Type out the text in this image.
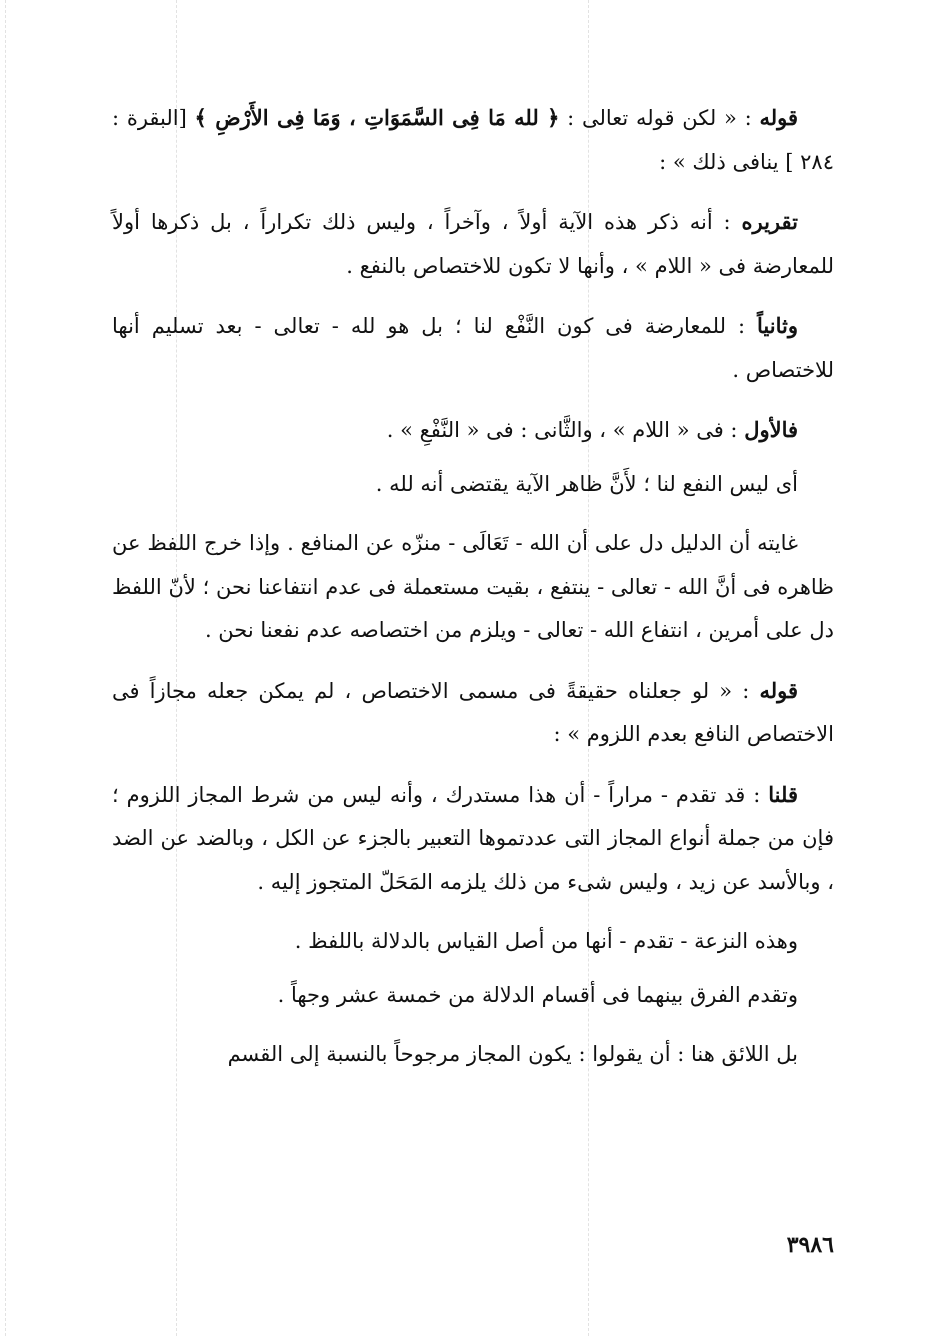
قوله : « لكن قوله تعالى : ﴿ لله مَا فِى السَّمَوَاتِ ، وَمَا فِى الأَرْضِ ﴾ [البقرة : ٢٨٤ ] ينافى ذلك » :

تقريره : أنه ذكر هذه الآية أولاً ، وآخراً ، وليس ذلك تكراراً ، بل ذكرها أولاً للمعارضة فى « اللام » ، وأنها لا تكون للاختصاص بالنفع .

وثانياً : للمعارضة فى كون النَّفْع لنا ؛ بل هو لله - تعالى - بعد تسليم أنها للاختصاص .

فالأول : فى « اللام » ، والثَّانى : فى « النَّفْعِ » .

أى ليس النفع لنا ؛ لأَنَّ ظاهر الآية يقتضى أنه لله .

غايته أن الدليل دل على أن الله - تَعَالَى - منزّه عن المنافع . وإذا خرج اللفظ عن ظاهره فى أنَّ الله - تعالى - ينتفع ، بقيت مستعملة فى عدم انتفاعنا نحن ؛ لأنّ اللفظ دل على أمرين ، انتفاع الله - تعالى - ويلزم من اختصاصه عدم نفعنا نحن .

قوله : « لو جعلناه حقيقةً فى مسمى الاختصاص ، لم يمكن جعله مجازاً فى الاختصاص النافع بعدم اللزوم » :

قلنا : قد تقدم - مراراً - أن هذا مستدرك ، وأنه ليس من شرط المجاز اللزوم ؛ فإن من جملة أنواع المجاز التى عددتموها التعبير بالجزء عن الكل ، وبالضد عن الضد ، وبالأسد عن زيد ، وليس شىء من ذلك يلزمه المَحَلّ المتجوز إليه .

وهذه النزعة - تقدم - أنها من أصل القياس بالدلالة باللفظ .

وتقدم الفرق بينهما فى أقسام الدلالة من خمسة عشر وجهاً .

بل اللائق هنا : أن يقولوا : يكون المجاز مرجوحاً بالنسبة إلى القسم

٣٩٨٦
